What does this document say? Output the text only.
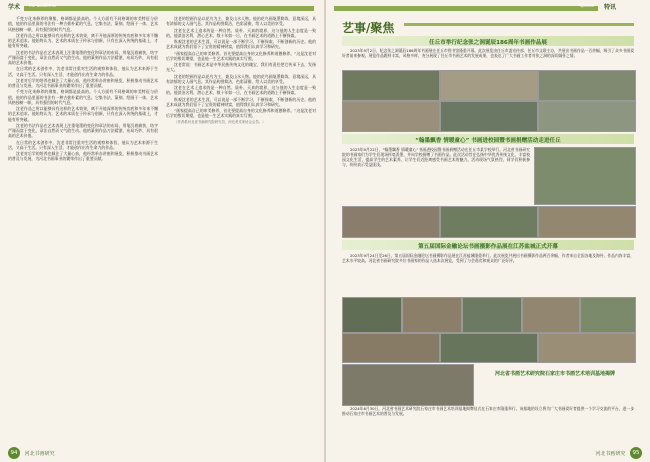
学术 The academic

千变万化来修养的聚集，格调都是最高的。个人方面有不同格调的审美特征与价值，他的作品里面的书法有一种古拙朴素的气息。它集书法、篆刻、绘画于一体，艺术风格独树一帜，具有强烈的时代气息。

沈老作品之所以能够具有这样的艺术效果，离不开他深厚的传统功底和多年来不懈的艺术追求。他始终认为，艺术的本质在于传承与创新，只有在深入传统的基础上，才能有所突破。

沈老的书法作品在艺术表现上注重笔墨的变化和章法的布局，用笔沉着痛快，结字严谨而富于变化，章法自然而又气韵生动。他的篆刻作品刀法精湛，布局巧妙，具有很高的艺术价值。

在日常的艺术创作中，沈老非常注重对生活的观察和体验，他认为艺术来源于生活，又高于生活。只有深入生活，才能创作出有生命力的作品。

沈老对后学的培养也倾注了大量心血，他经常举办讲座和展览，积极推动书画艺术的普及与发展，为河北书画事业的繁荣作出了重要贡献。

千变万化来修养的聚集，格调都是最高的。个人方面有不同格调的审美特征与价值，他的作品里面的书法有一种古拙朴素的气息。它集书法、篆刻、绘画于一体，艺术风格独树一帜，具有强烈的时代气息。

沈老作品之所以能够具有这样的艺术效果，离不开他深厚的传统功底和多年来不懈的艺术追求。他始终认为，艺术的本质在于传承与创新，只有在深入传统的基础上，才能有所突破。

沈老的书法作品在艺术表现上注重笔墨的变化和章法的布局，用笔沉着痛快，结字严谨而富于变化，章法自然而又气韵生动。他的篆刻作品刀法精湛，布局巧妙，具有很高的艺术价值。

在日常的艺术创作中，沈老非常注重对生活的观察和体验，他认为艺术来源于生活，又高于生活。只有深入生活，才能创作出有生命力的作品。

沈老对后学的培养也倾注了大量心血，他经常举办讲座和展览，积极推动书画艺术的普及与发展，为河北书画事业的繁荣作出了重要贡献。

沈老的绘画作品以花鸟为主，兼及山水人物。他的花鸟画笔墨简练，意境深远，具有浓郁的文人画气息。其作品构图简洁，色彩清雅，给人以美的享受。

沈老在艺术上追求的是一种自然、质朴、天真的境界，这与他的人生态度是一致的。他淡泊名利，潜心艺术，数十年如一日，在书画艺术的道路上不断探索。

纵观沈老的艺术生涯，可以说是一部不断学习、不断探索、不断创新的历史。他的艺术成就为我们留下了宝贵的精神财富，值得我们认真学习和研究。

“画家提高自己的审美修养，首先要提高自身的文化修养和道德修养。”这是沈老对后学的殷切期望，也是他一生艺术实践的真实写照。

沈老常说：书画艺术是中华民族传统文化的瑰宝，我们有责任把它传承下去，发扬光大。

沈老的绘画作品以花鸟为主，兼及山水人物。他的花鸟画笔墨简练，意境深远，具有浓郁的文人画气息。其作品构图简洁，色彩清雅，给人以美的享受。

沈老在艺术上追求的是一种自然、质朴、天真的境界，这与他的人生态度是一致的。他淡泊名利，潜心艺术，数十年如一日，在书画艺术的道路上不断探索。

纵观沈老的艺术生涯，可以说是一部不断学习、不断探索、不断创新的历史。他的艺术成就为我们留下了宝贵的精神财富，值得我们认真学习和研究。

“画家提高自己的审美修养，首先要提高自身的文化修养和道德修养。”这是沈老对后学的殷切期望，也是他一生艺术实践的真实写照。

（作者系河北省书画研究院研究员，河北美术家协会会员。）

94 河北书画研究
Special 特讯
艺事/聚焦
任丘市举行纪念张之洞诞辰186周年书画作品展

2023年9月2日，纪念张之洞诞辰186周年书画展在任丘市图书馆隆重开幕。此次展览由任丘市委宣传部、任丘市文联主办，共展出书画作品一百余幅，吸引了众多书画爱好者前来参观。展览作品题材丰富，风格多样，充分展现了任丘市书画艺术的发展成果，也表达了广大书画工作者对张之洞的深切缅怀之情。

“翰墨飘香 情暖童心” 书画进校园暨书画捐赠活动走进任丘

2023年9月22日，“翰墨飘香 情暖童心”书画进校园暨书画捐赠活动在任丘市某学校举行。河北省书画研究院的书画家们为学生们现场挥毫泼墨，并向学校捐赠了书画作品。此次活动旨在弘扬中华优秀传统文化，丰富校园文化生活，提高学生的艺术素养，让学生们近距离感受书画艺术的魅力。活动现场气氛热烈，同学们积极参与，纷纷表示受益匪浅。

第五届国际金融论坛书画摄影作品展在江苏盐城正式开幕

2023年9月24日至26日，第五届国际金融论坛书画摄影作品展在江苏盐城隆重举行。此次展览共展出书画摄影作品两百余幅，作者来自全国各地及海外，作品内容丰富，艺术水平较高。河北省书画研究院多位书画家的作品入选本次展览，受到了与会嘉宾和观众的广泛好评。

河北省书画艺术研究院石家庄市书画艺术培训基地揭牌

2024年6月30日，河北省书画艺术研究院石家庄市书画艺术培训基地揭牌仪式在石家庄市隆重举行。该基地的设立将为广大书画爱好者提供一个学习交流的平台，进一步推动石家庄市书画艺术的普及与发展。

河北书画研究 95
